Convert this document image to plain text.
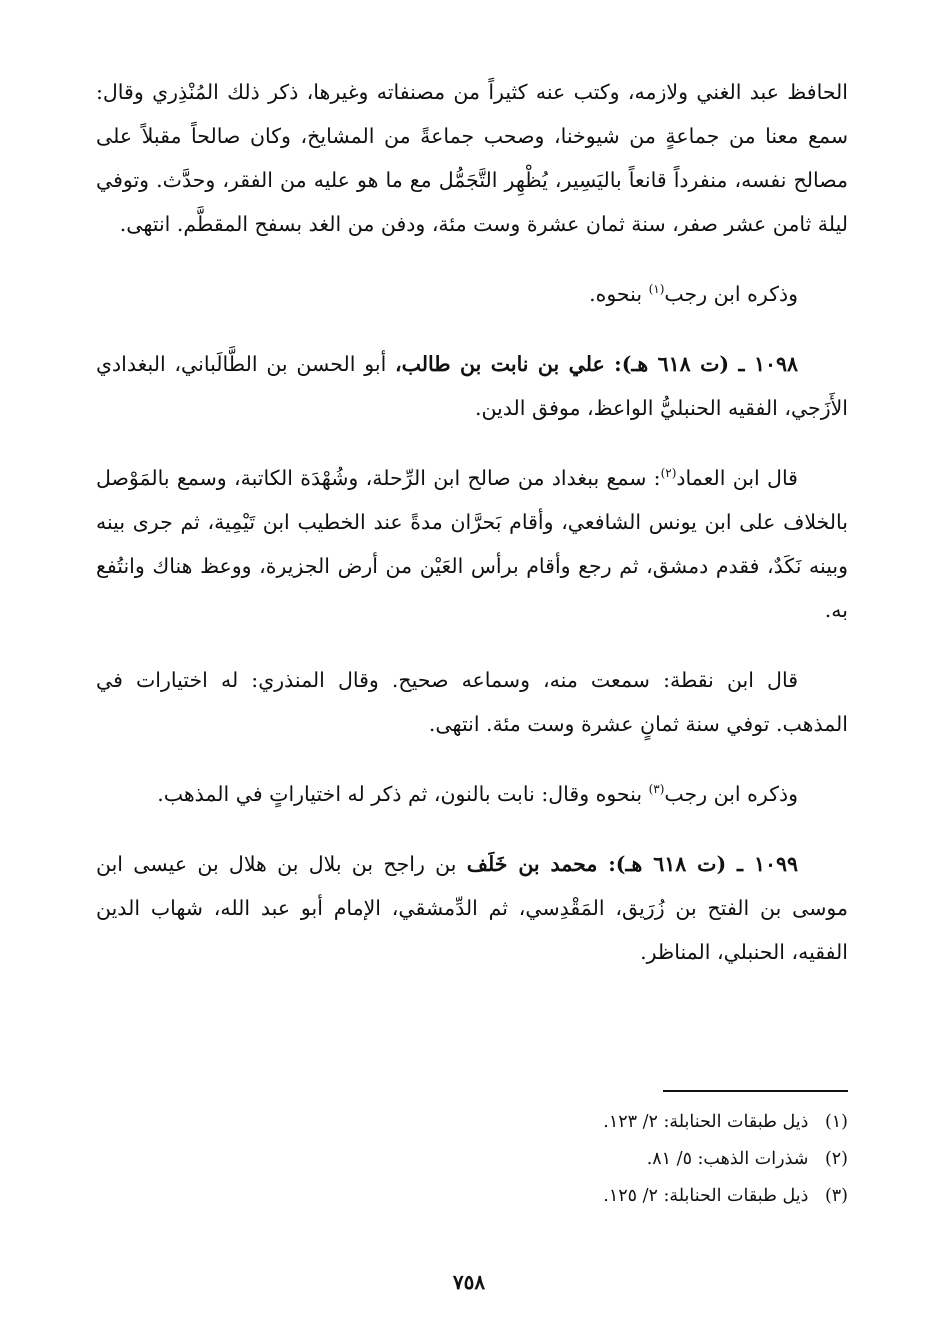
الحافظ عبد الغني ولازمه، وكتب عنه كثيراً من مصنفاته وغيرها، ذكر ذلك المُنْذِري وقال: سمع معنا من جماعةٍ من شيوخنا، وصحب جماعةً من المشايخ، وكان صالحاً مقبلاً على مصالح نفسه، منفرداً قانعاً باليَسِير، يُظْهِر التَّجَمُّل مع ما هو عليه من الفقر، وحدَّث. وتوفي ليلة ثامن عشر صفر، سنة ثمان عشرة وست مئة، ودفن من الغد بسفح المقطَّم. انتهى.

وذكره ابن رجب$^{(١)}$ بنحوه.

١٠٩٨ ـ (ت ٦١٨ هـ): علي بن نابت بن طالب، أبو الحسن بن الطَّالَباني، البغدادي الأَزَجي، الفقيه الحنبليُّ الواعظ، موفق الدين.

قال ابن العماد$^{(٢)}$: سمع ببغداد من صالح ابن الرِّحلة، وشُهْدَة الكاتبة، وسمع بالمَوْصل بالخلاف على ابن يونس الشافعي، وأقام بَحرَّان مدةً عند الخطيب ابن تَيْمِية، ثم جرى بينه وبينه نَكَدٌ، فقدم دمشق، ثم رجع وأقام برأس العَيْن من أرض الجزيرة، ووعظ هناك وانتُفع به.

قال ابن نقطة: سمعت منه، وسماعه صحيح. وقال المنذري: له اختيارات في المذهب. توفي سنة ثمانٍ عشرة وست مئة. انتهى.

وذكره ابن رجب$^{(٣)}$ بنحوه وقال: نابت بالنون، ثم ذكر له اختياراتٍ في المذهب.

١٠٩٩ ـ (ت ٦١٨ هـ): محمد بن خَلَف بن راجح بن بلال بن هلال بن عيسى ابن موسى بن الفتح بن زُرَيق، المَقْدِسي، ثم الدِّمشقي، الإمام أبو عبد الله، شهاب الدين الفقيه، الحنبلي، المناظر.

(١) ذيل طبقات الحنابلة: ٢/ ١٢٣.
(٢) شذرات الذهب: ٥/ ٨١.
(٣) ذيل طبقات الحنابلة: ٢/ ١٢٥.
٧٥٨
